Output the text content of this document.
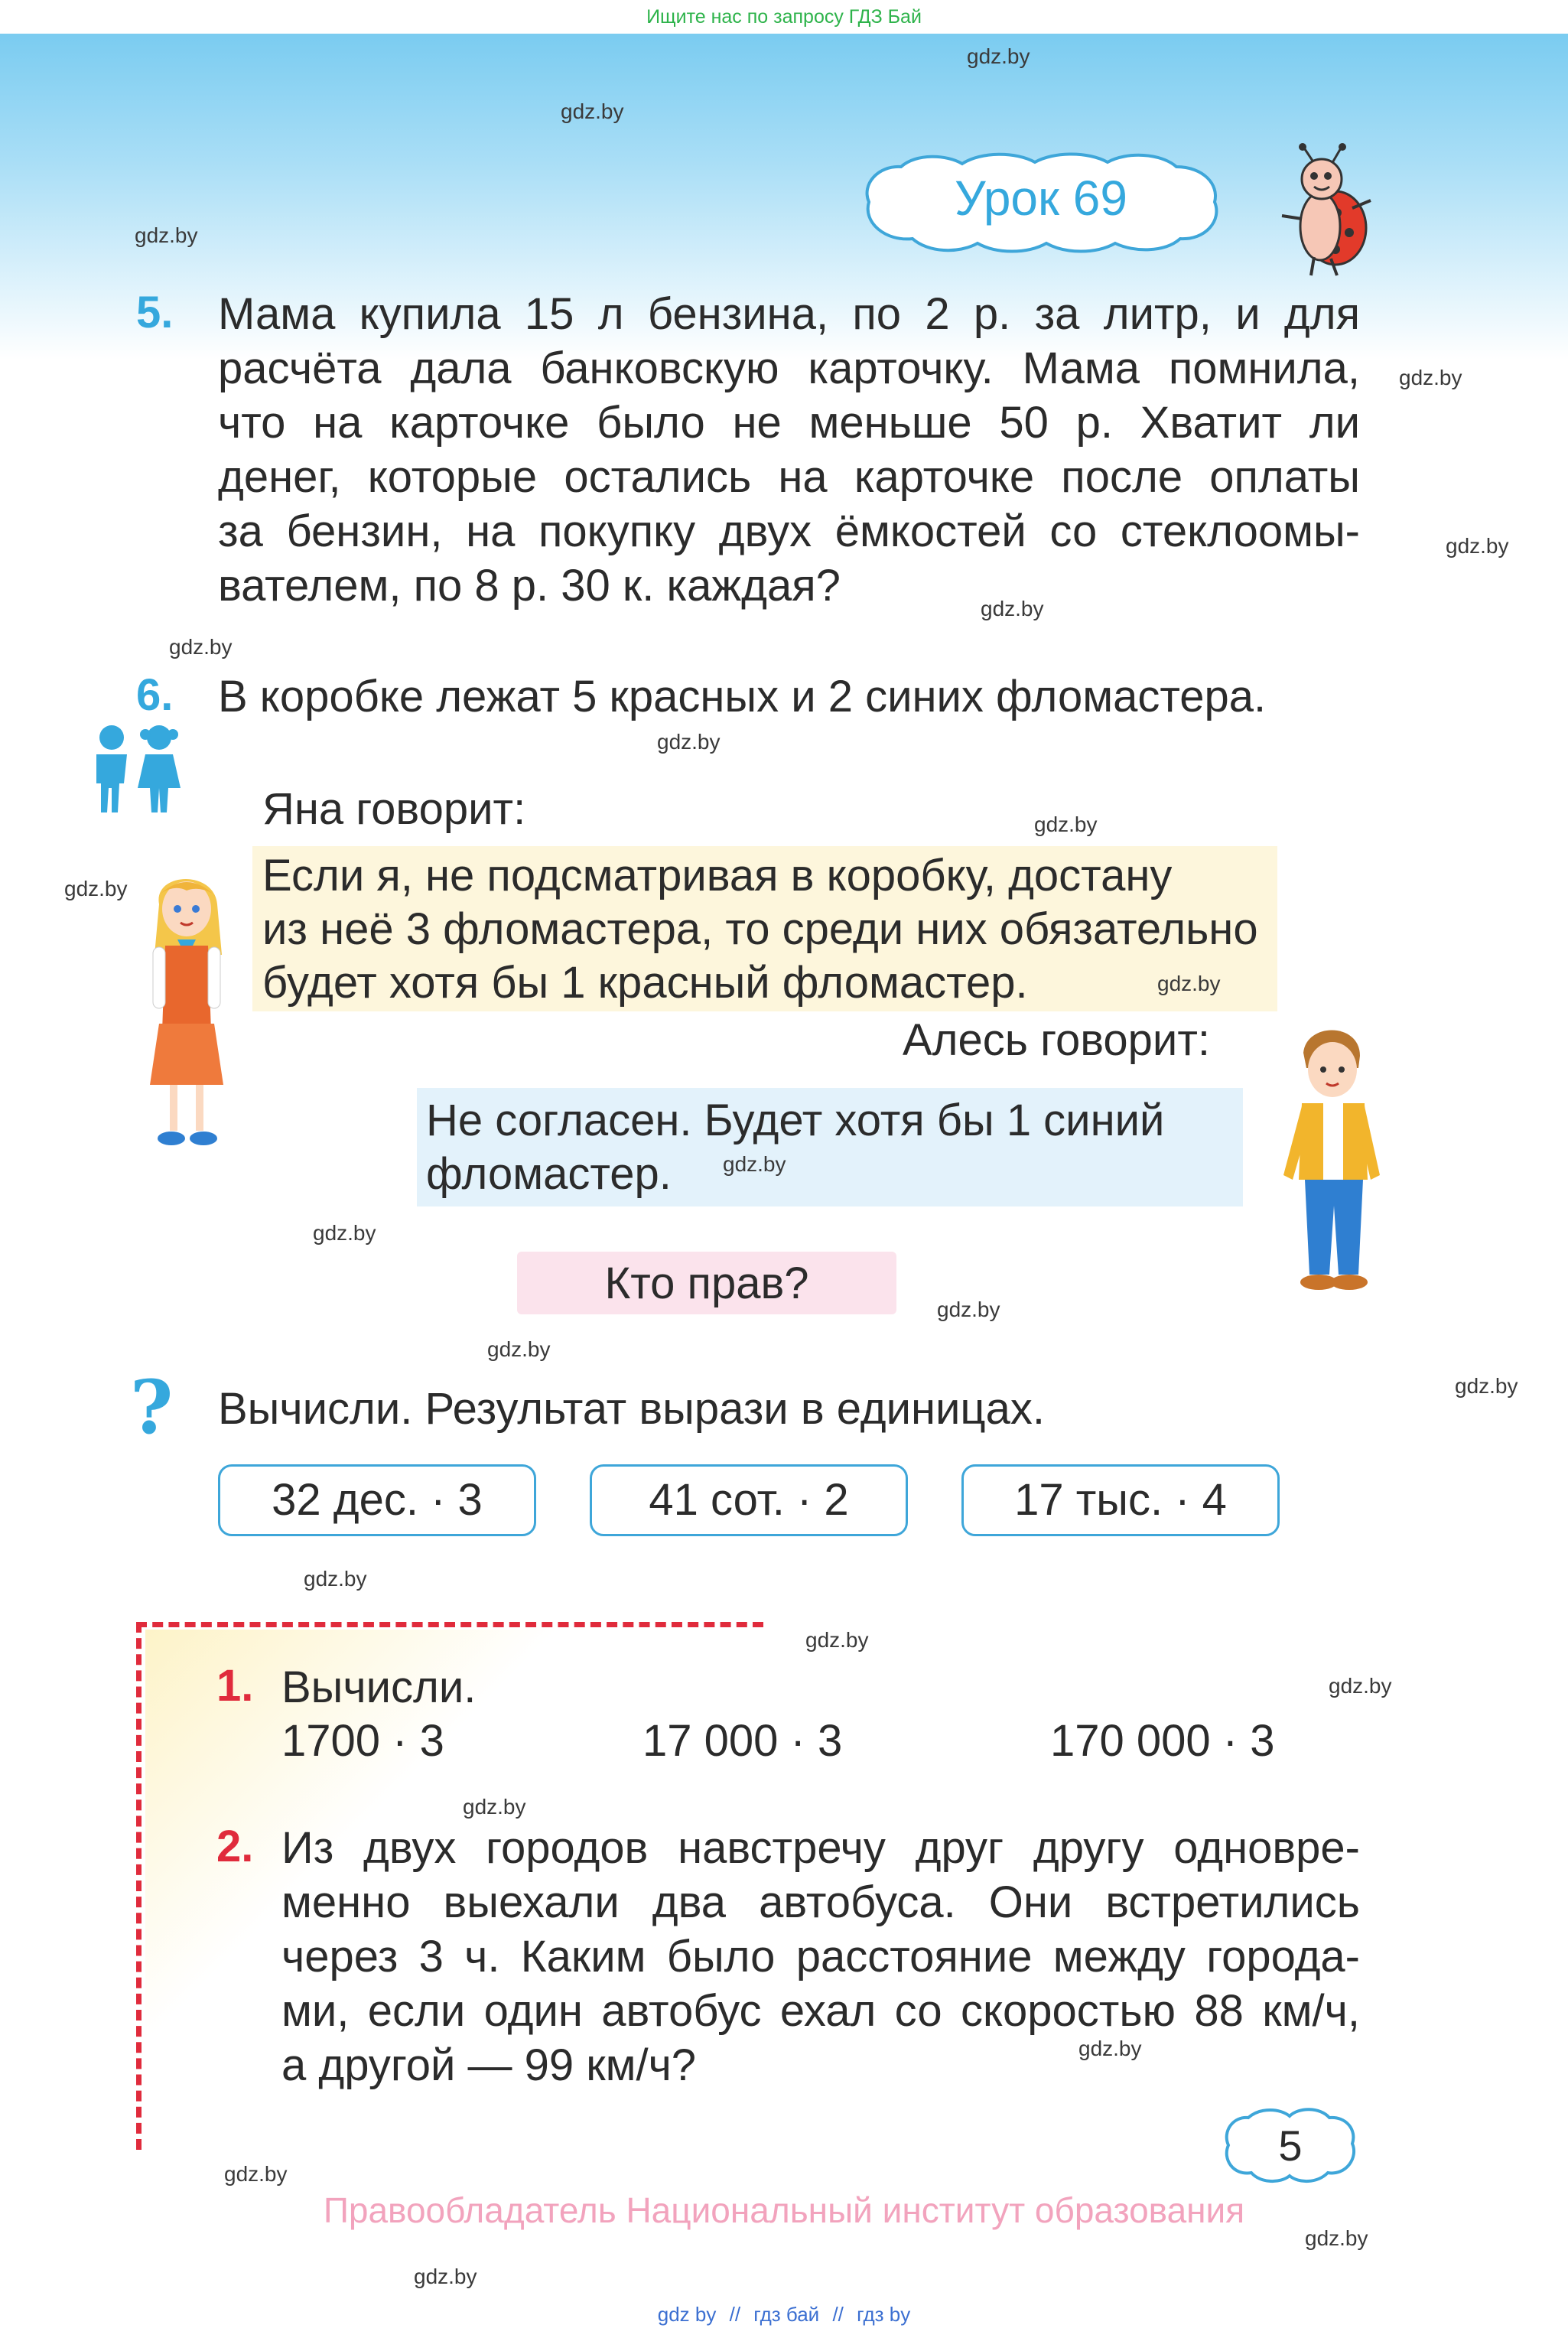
Ищите нас по запросу ГДЗ Бай
Урок 69
5. Мама купила 15 л бензина, по 2 р. за литр, и для
расчёта дала банковскую карточку. Мама помнила,
что на карточке было не меньше 50 р. Хватит ли
денег, которые остались на карточке после оплаты
за бензин, на покупку двух ёмкостей со стеклоомы-
вателем, по 8 р. 30 к. каждая?
6. В коробке лежат 5 красных и 2 синих фломастера.
Яна говорит:
Если я, не подсматривая в коробку, достану
из неё 3 фломастера, то среди них обязательно
будет хотя бы 1 красный фломастер.
Алесь говорит:
Не согласен. Будет хотя бы 1 синий
фломастер.
Кто прав?
? Вычисли. Результат вырази в единицах.
32 дес. · 3	41 сот. · 2	17 тыс. · 4
1. Вычисли.
1700 · 3	17 000 · 3	170 000 · 3
2. Из двух городов навстречу друг другу одновре-
менно выехали два автобуса. Они встретились
через 3 ч. Каким было расстояние между города-
ми, если один автобус ехал со скоростью 88 км/ч,
а другой — 99 км/ч?
5
Правообладатель Национальный институт образования
gdz by // гдз бай // гдз by
gdz.by
gdz.by
gdz.by
gdz.by
gdz.by
gdz.by
gdz.by
gdz.by
gdz.by
gdz.by
gdz.by
gdz.by
gdz.by
gdz.by
gdz.by
gdz.by
gdz.by
gdz.by
gdz.by
gdz.by
gdz.by
gdz.by
gdz.by
gdz.by
